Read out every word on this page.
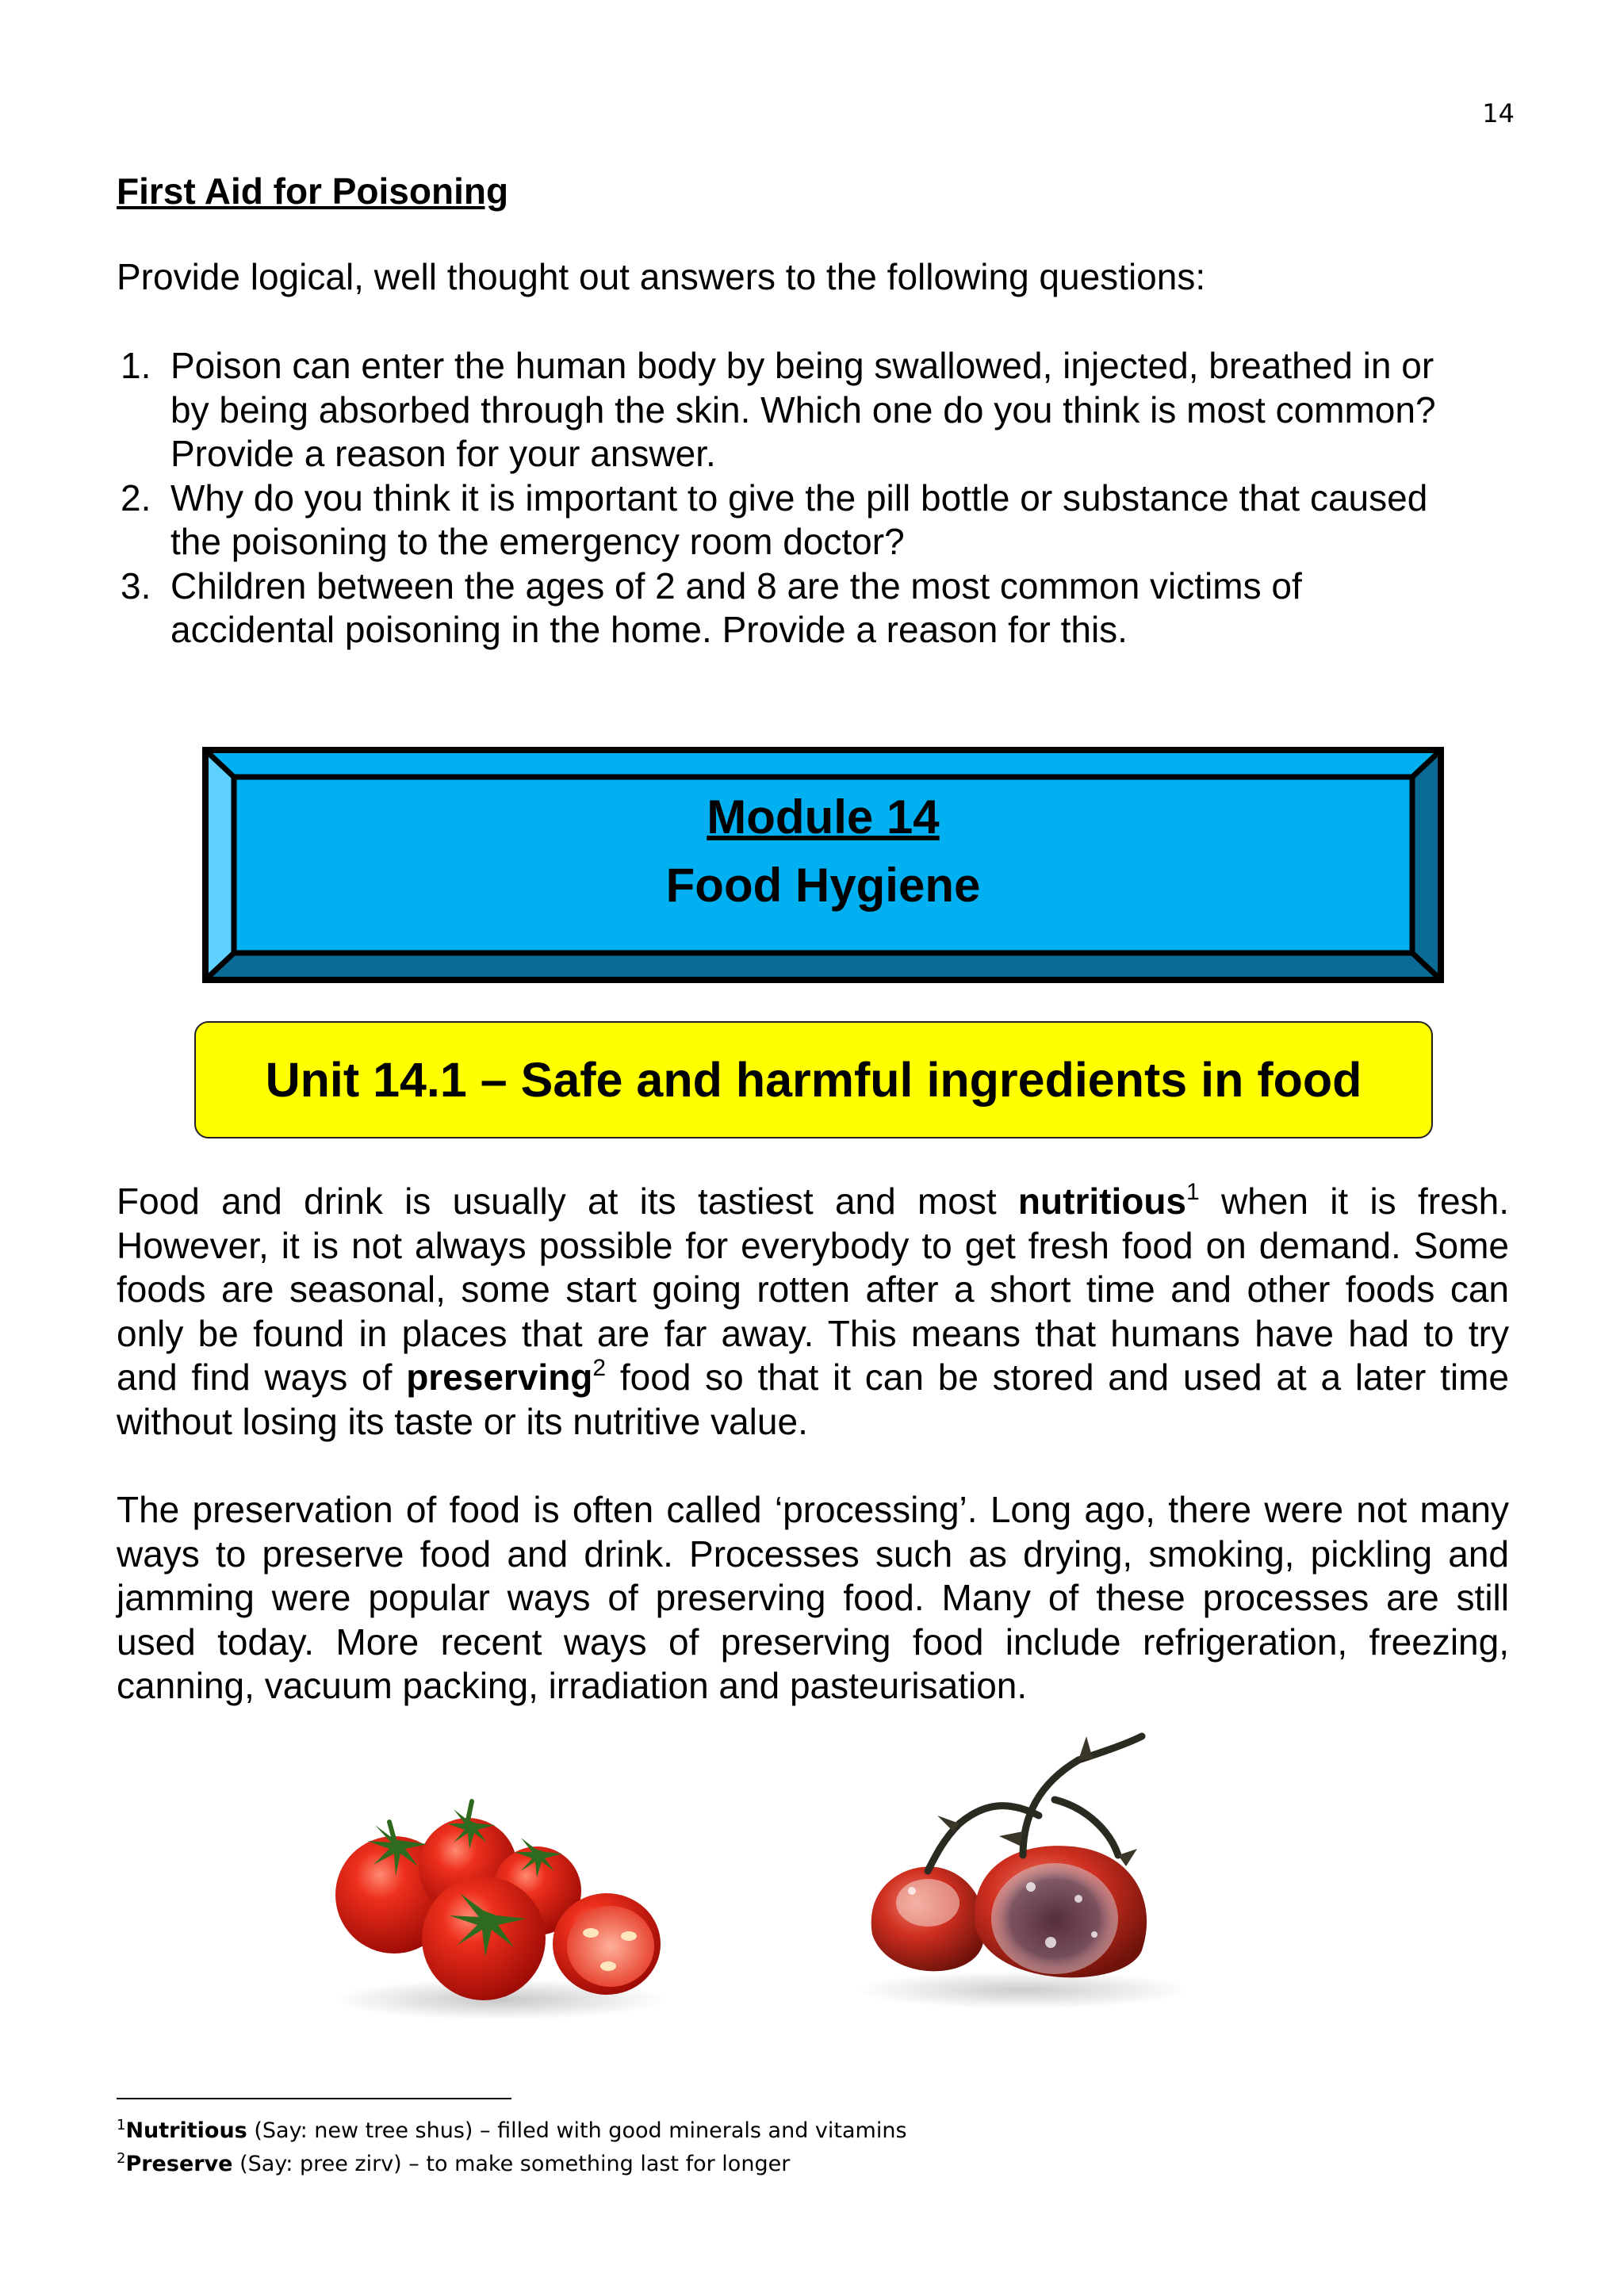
14
First Aid for Poisoning
Provide logical, well thought out answers to the following questions:
1. Poison can enter the human body by being swallowed, injected, breathed in or
by being absorbed through the skin. Which one do you think is most common?
Provide a reason for your answer.
2. Why do you think it is important to give the pill bottle or substance that caused
the poisoning to the emergency room doctor?
3. Children between the ages of 2 and 8 are the most common victims of
accidental poisoning in the home. Provide a reason for this.
Module 14
Food Hygiene
Unit 14.1 – Safe and harmful ingredients in food

Food and drink is usually at its tastiest and most nutritious$^1$ when it is fresh. However, it is not always possible for everybody to get fresh food on demand. Some foods are seasonal, some start going rotten after a short time and other foods can only be found in places that are far away. This means that humans have had to try and find ways of preserving$^2$ food so that it can be stored and used at a later time without losing its taste or its nutritive value.

The preservation of food is often called ‘processing’. Long ago, there were not many ways to preserve food and drink. Processes such as drying, smoking, pickling and jamming were popular ways of preserving food. Many of these processes are still used today. More recent ways of preserving food include refrigeration, freezing, canning, vacuum packing, irradiation and pasteurisation.

$^1$Nutritious (Say: new tree shus) – filled with good minerals and vitamins
$^2$Preserve (Say: pree zirv) – to make something last for longer
